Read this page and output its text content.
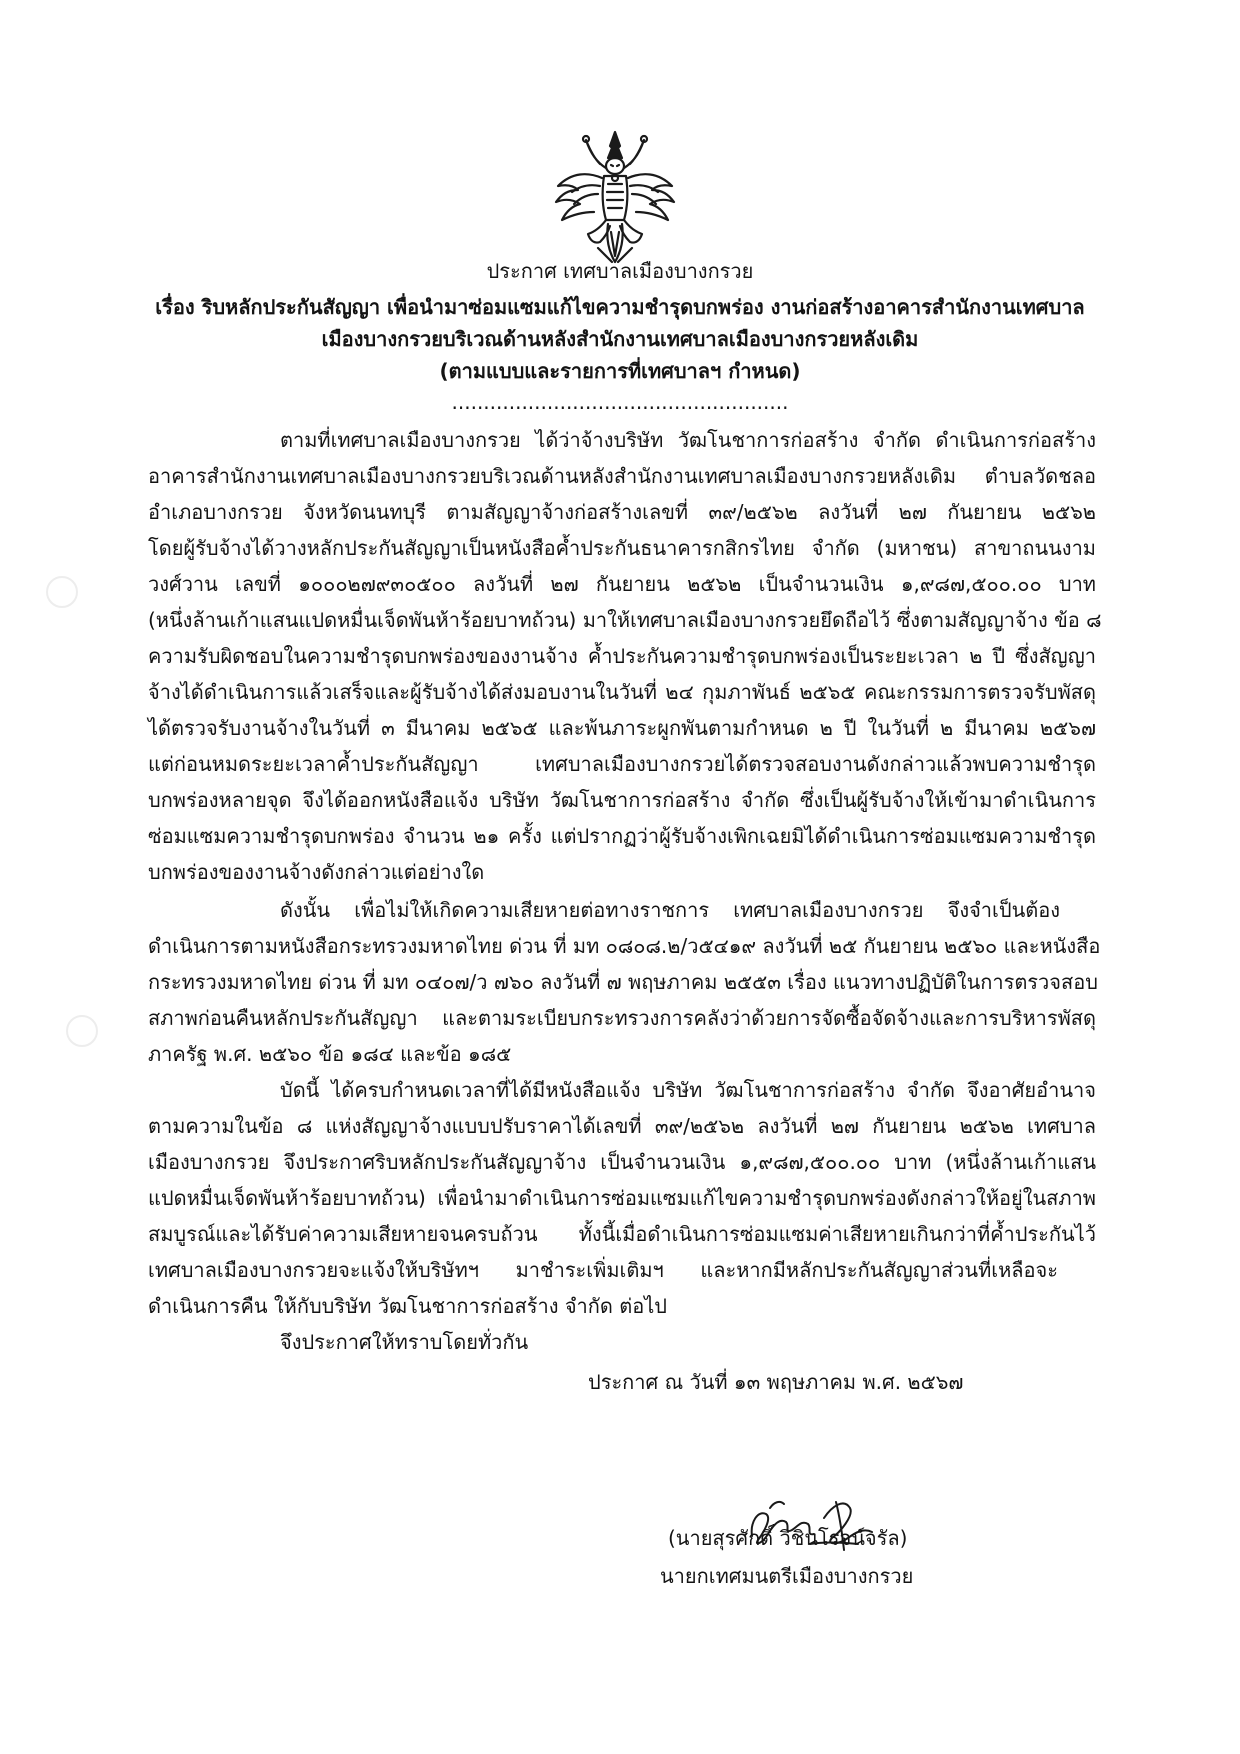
ประกาศ เทศบาลเมืองบางกรวย
เรื่อง ริบหลักประกันสัญญา เพื่อนำมาซ่อมแซมแก้ไขความชำรุดบกพร่อง งานก่อสร้างอาคารสำนักงานเทศบาล
เมืองบางกรวยบริเวณด้านหลังสำนักงานเทศบาลเมืองบางกรวยหลังเดิม
(ตามแบบและรายการที่เทศบาลฯ กำหนด)
.....................................................
ตามที่เทศบาลเมืองบางกรวย ได้ว่าจ้างบริษัท วัฒโนชาการก่อสร้าง จำกัด ดำเนินการก่อสร้าง
อาคารสำนักงานเทศบาลเมืองบางกรวยบริเวณด้านหลังสำนักงานเทศบาลเมืองบางกรวยหลังเดิม ตำบลวัดชลอ
อำเภอบางกรวย จังหวัดนนทบุรี ตามสัญญาจ้างก่อสร้างเลขที่ ๓๙/๒๕๖๒ ลงวันที่ ๒๗ กันยายน ๒๕๖๒
โดยผู้รับจ้างได้วางหลักประกันสัญญาเป็นหนังสือค้ำประกันธนาคารกสิกรไทย จำกัด (มหาชน) สาขาถนนงาม
วงศ์วาน เลขที่ ๑๐๐๐๒๗๙๓๐๕๐๐ ลงวันที่ ๒๗ กันยายน ๒๕๖๒ เป็นจำนวนเงิน ๑,๙๘๗,๕๐๐.๐๐ บาท
(หนึ่งล้านเก้าแสนแปดหมื่นเจ็ดพันห้าร้อยบาทถ้วน) มาให้เทศบาลเมืองบางกรวยยึดถือไว้ ซึ่งตามสัญญาจ้าง ข้อ ๘
ความรับผิดชอบในความชำรุดบกพร่องของงานจ้าง ค้ำประกันความชำรุดบกพร่องเป็นระยะเวลา ๒ ปี ซึ่งสัญญา
จ้างได้ดำเนินการแล้วเสร็จและผู้รับจ้างได้ส่งมอบงานในวันที่ ๒๔ กุมภาพันธ์ ๒๕๖๕ คณะกรรมการตรวจรับพัสดุ
ได้ตรวจรับงานจ้างในวันที่ ๓ มีนาคม ๒๕๖๕ และพ้นภาระผูกพันตามกำหนด ๒ ปี ในวันที่ ๒ มีนาคม ๒๕๖๗
แต่ก่อนหมดระยะเวลาค้ำประกันสัญญา เทศบาลเมืองบางกรวยได้ตรวจสอบงานดังกล่าวแล้วพบความชำรุด
บกพร่องหลายจุด จึงได้ออกหนังสือแจ้ง บริษัท วัฒโนชาการก่อสร้าง จำกัด ซึ่งเป็นผู้รับจ้างให้เข้ามาดำเนินการ
ซ่อมแซมความชำรุดบกพร่อง จำนวน ๒๑ ครั้ง แต่ปรากฏว่าผู้รับจ้างเพิกเฉยมิได้ดำเนินการซ่อมแซมความชำรุด
บกพร่องของงานจ้างดังกล่าวแต่อย่างใด
ดังนั้น เพื่อไม่ให้เกิดความเสียหายต่อทางราชการ เทศบาลเมืองบางกรวย จึงจำเป็นต้อง
ดำเนินการตามหนังสือกระทรวงมหาดไทย ด่วน ที่ มท ๐๘๐๘.๒/ว๕๔๑๙ ลงวันที่ ๒๕ กันยายน ๒๕๖๐ และหนังสือ
กระทรวงมหาดไทย ด่วน ที่ มท ๐๔๐๗/ว ๗๖๐ ลงวันที่ ๗ พฤษภาคม ๒๕๕๓ เรื่อง แนวทางปฏิบัติในการตรวจสอบ
สภาพก่อนคืนหลักประกันสัญญา และตามระเบียบกระทรวงการคลังว่าด้วยการจัดซื้อจัดจ้างและการบริหารพัสดุ
ภาครัฐ พ.ศ. ๒๕๖๐ ข้อ ๑๘๔ และข้อ ๑๘๕
บัดนี้ ได้ครบกำหนดเวลาที่ได้มีหนังสือแจ้ง บริษัท วัฒโนชาการก่อสร้าง จำกัด จึงอาศัยอำนาจ
ตามความในข้อ ๘ แห่งสัญญาจ้างแบบปรับราคาได้เลขที่ ๓๙/๒๕๖๒ ลงวันที่ ๒๗ กันยายน ๒๕๖๒ เทศบาล
เมืองบางกรวย จึงประกาศริบหลักประกันสัญญาจ้าง เป็นจำนวนเงิน ๑,๙๘๗,๕๐๐.๐๐ บาท (หนึ่งล้านเก้าแสน
แปดหมื่นเจ็ดพันห้าร้อยบาทถ้วน) เพื่อนำมาดำเนินการซ่อมแซมแก้ไขความชำรุดบกพร่องดังกล่าวให้อยู่ในสภาพ
สมบูรณ์และได้รับค่าความเสียหายจนครบถ้วน ทั้งนี้เมื่อดำเนินการซ่อมแซมค่าเสียหายเกินกว่าที่ค้ำประกันไว้
เทศบาลเมืองบางกรวยจะแจ้งให้บริษัทฯ มาชำระเพิ่มเติมฯ และหากมีหลักประกันสัญญาส่วนที่เหลือจะ
ดำเนินการคืน ให้กับบริษัท วัฒโนชาการก่อสร้าง จำกัด ต่อไป
จึงประกาศให้ทราบโดยทั่วกัน
ประกาศ ณ วันที่ ๑๓ พฤษภาคม พ.ศ. ๒๕๖๗
(นายสุรศักดิ์ วิชินโรจน์จรัล)
นายกเทศมนตรีเมืองบางกรวย
